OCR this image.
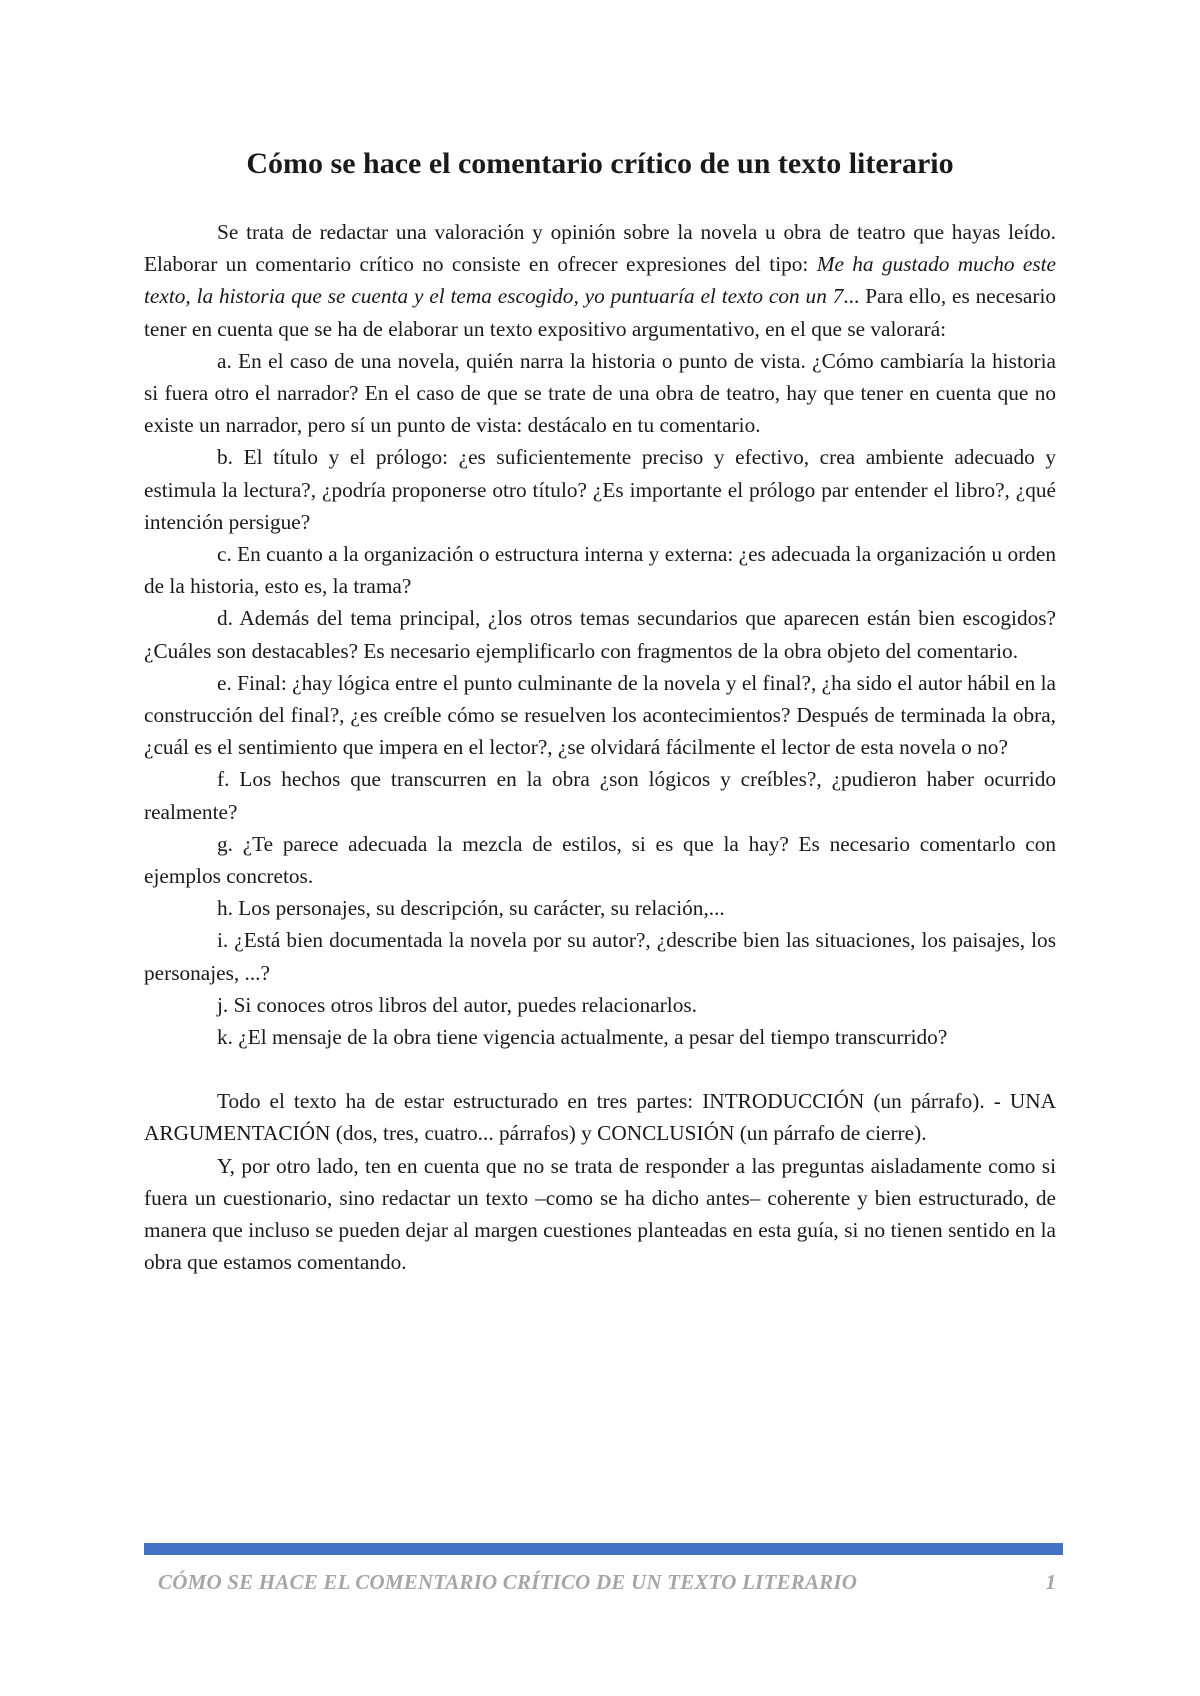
Cómo se hace el comentario crítico de un texto literario

Se trata de redactar una valoración y opinión sobre la novela u obra de teatro que hayas leído. Elaborar un comentario crítico no consiste en ofrecer expresiones del tipo: Me ha gustado mucho este texto, la historia que se cuenta y el tema escogido, yo puntuaría el texto con un 7... Para ello, es necesario tener en cuenta que se ha de elaborar un texto expositivo argumentativo, en el que se valorará:

a. En el caso de una novela, quién narra la historia o punto de vista. ¿Cómo cambiaría la historia si fuera otro el narrador? En el caso de que se trate de una obra de teatro, hay que tener en cuenta que no existe un narrador, pero sí un punto de vista: destácalo en tu comentario.

b. El título y el prólogo: ¿es suficientemente preciso y efectivo, crea ambiente adecuado y estimula la lectura?, ¿podría proponerse otro título? ¿Es importante el prólogo par entender el libro?, ¿qué intención persigue?

c. En cuanto a la organización o estructura interna y externa: ¿es adecuada la organización u orden de la historia, esto es, la trama?

d. Además del tema principal, ¿los otros temas secundarios que aparecen están bien escogidos? ¿Cuáles son destacables? Es necesario ejemplificarlo con fragmentos de la obra objeto del comentario.

e. Final: ¿hay lógica entre el punto culminante de la novela y el final?, ¿ha sido el autor hábil en la construcción del final?, ¿es creíble cómo se resuelven los acontecimientos? Después de terminada la obra, ¿cuál es el sentimiento que impera en el lector?, ¿se olvidará fácilmente el lector de esta novela o no?

f. Los hechos que transcurren en la obra ¿son lógicos y creíbles?, ¿pudieron haber ocurrido realmente?

g. ¿Te parece adecuada la mezcla de estilos, si es que la hay? Es necesario comentarlo con ejemplos concretos.

h. Los personajes, su descripción, su carácter, su relación,...

i. ¿Está bien documentada la novela por su autor?, ¿describe bien las situaciones, los paisajes, los personajes, ...?

j. Si conoces otros libros del autor, puedes relacionarlos.

k. ¿El mensaje de la obra tiene vigencia actualmente, a pesar del tiempo transcurrido?

Todo el texto ha de estar estructurado en tres partes: INTRODUCCIÓN (un párrafo). - UNA ARGUMENTACIÓN (dos, tres, cuatro... párrafos) y CONCLUSIÓN (un párrafo de cierre).

Y, por otro lado, ten en cuenta que no se trata de responder a las preguntas aisladamente como si fuera un cuestionario, sino redactar un texto –como se ha dicho antes– coherente y bien estructurado, de manera que incluso se pueden dejar al margen cuestiones planteadas en esta guía, si no tienen sentido en la obra que estamos comentando.

CÓMO SE HACE EL COMENTARIO CRÍTICO DE UN TEXTO LITERARIO	1
